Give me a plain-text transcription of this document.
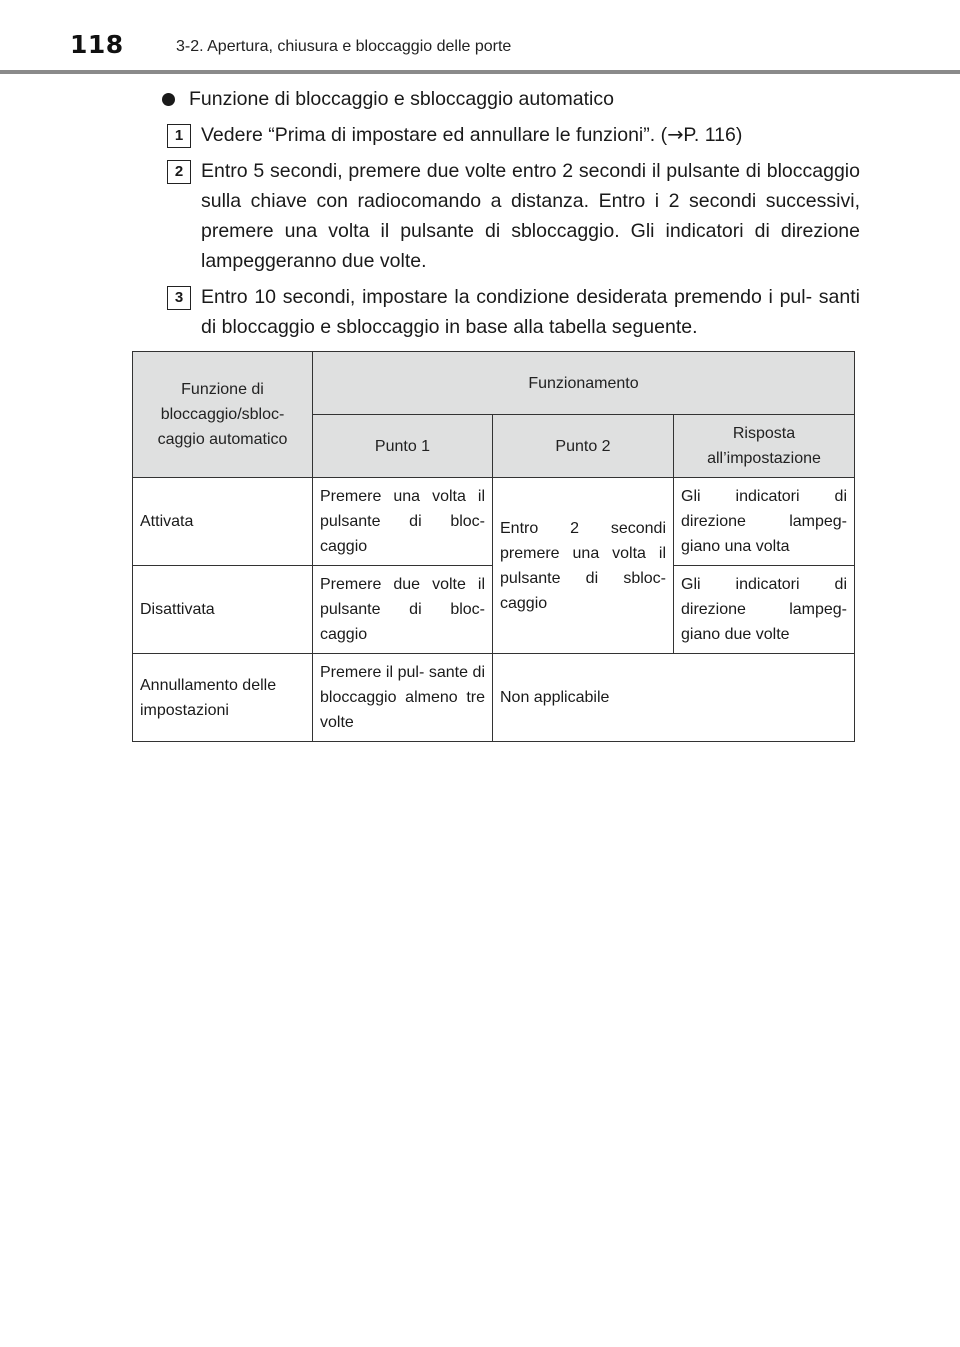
118	3-2. Apertura, chiusura e bloccaggio delle porte
Funzione di bloccaggio e sbloccaggio automatico
1 Vedere “Prima di impostare ed annullare le funzioni”. (→P. 116)
2 Entro 5 secondi, premere due volte entro 2 secondi il pulsante di bloccaggio sulla chiave con radiocomando a distanza. Entro i 2 secondi successivi, premere una volta il pulsante di sbloccaggio. Gli indicatori di direzione lampeggeranno due volte.
3 Entro 10 secondi, impostare la condizione desiderata premendo i pul- santi di bloccaggio e sbloccaggio in base alla tabella seguente.
Funzione di bloccaggio/sbloc- caggio automatico	Funzionamento		
	Punto 1	Punto 2	Risposta all’impostazione
Attivata	Premere una volta il pulsante di bloc- caggio	Entro 2 secondi premere una volta il pulsante di sbloc- caggio	Gli indicatori di direzione lampeg- giano una volta
Disattivata	Premere due volte il pulsante di bloc- caggio		Gli indicatori di direzione lampeg- giano due volte
Annullamento delle impostazioni	Premere il pul- sante di bloccaggio almeno tre volte	Non applicabile	
